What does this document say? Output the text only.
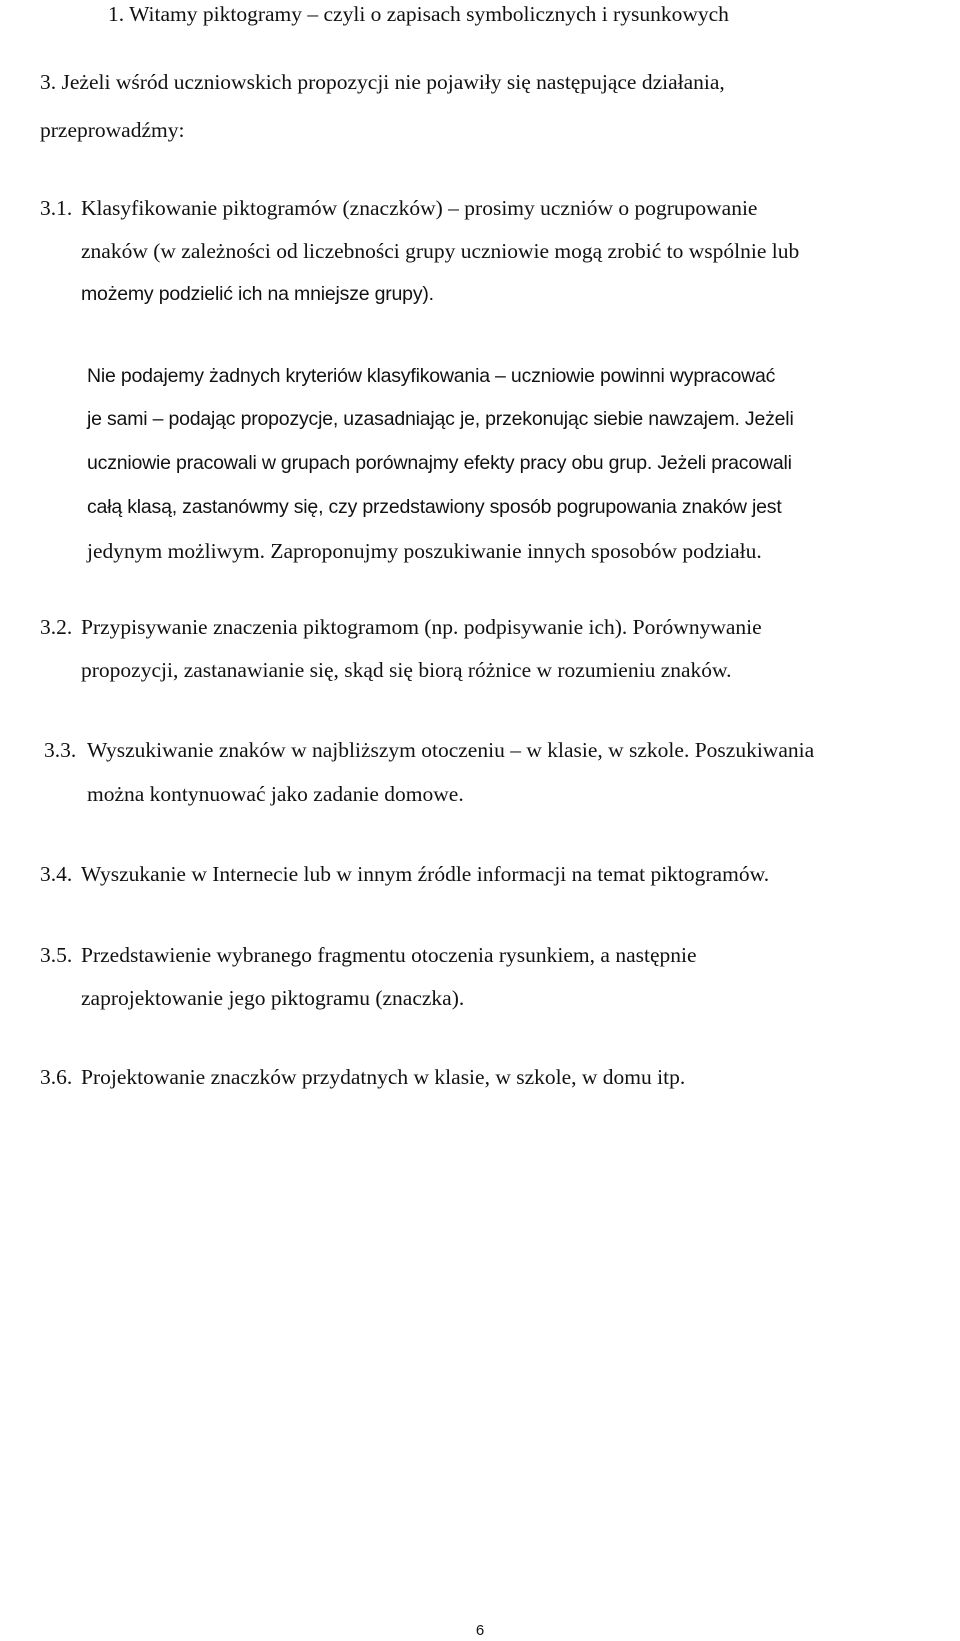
1. Witamy piktogramy – czyli o zapisach symbolicznych i rysunkowych
3. Jeżeli wśród uczniowskich propozycji nie pojawiły się następujące działania,
przeprowadźmy:
3.1. Klasyfikowanie piktogramów (znaczków) – prosimy uczniów o pogrupowanie
znaków (w zależności od liczebności grupy uczniowie mogą zrobić to wspólnie lub
możemy podzielić ich na mniejsze grupy).
Nie podajemy żadnych kryteriów klasyfikowania – uczniowie powinni wypracować
je sami – podając propozycje, uzasadniając je, przekonując siebie nawzajem. Jeżeli
uczniowie pracowali w grupach porównajmy efekty pracy obu grup. Jeżeli pracowali
całą klasą, zastanówmy się, czy przedstawiony sposób pogrupowania znaków jest
jedynym możliwym. Zaproponujmy poszukiwanie innych sposobów podziału.
3.2. Przypisywanie znaczenia piktogramom (np. podpisywanie ich). Porównywanie
propozycji, zastanawianie się, skąd się biorą różnice w rozumieniu znaków.
3.3. Wyszukiwanie znaków w najbliższym otoczeniu – w klasie, w szkole. Poszukiwania
można kontynuować jako zadanie domowe.
3.4. Wyszukanie w Internecie lub w innym źródle informacji na temat piktogramów.
3.5. Przedstawienie wybranego fragmentu otoczenia rysunkiem, a następnie
zaprojektowanie jego piktogramu (znaczka).
3.6. Projektowanie znaczków przydatnych w klasie, w szkole, w domu itp.
6
